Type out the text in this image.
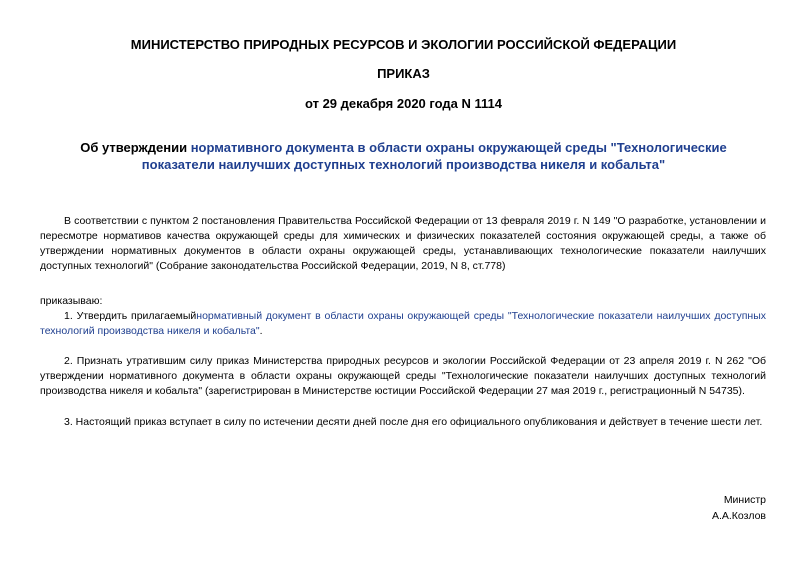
МИНИСТЕРСТВО ПРИРОДНЫХ РЕСУРСОВ И ЭКОЛОГИИ РОССИЙСКОЙ ФЕДЕРАЦИИ

ПРИКАЗ

от 29 декабря 2020 года N 1114

Об утверждении нормативного документа в области охраны окружающей среды "Технологические показатели наилучших доступных технологий производства никеля и кобальта"

В соответствии с пунктом 2 постановления Правительства Российской Федерации от 13 февраля 2019 г. N 149 "О разработке, установлении и пересмотре нормативов качества окружающей среды для химических и физических показателей состояния окружающей среды, а также об утверждении нормативных документов в области охраны окружающей среды, устанавливающих технологические показатели наилучших доступных технологий" (Собрание законодательства Российской Федерации, 2019, N 8, ст.778)

приказываю:

1. Утвердить прилагаемыйнормативный документ в области охраны окружающей среды "Технологические показатели наилучших доступных технологий производства никеля и кобальта".

2. Признать утратившим силу приказ Министерства природных ресурсов и экологии Российской Федерации от 23 апреля 2019 г. N 262 "Об утверждении нормативного документа в области охраны окружающей среды "Технологические показатели наилучших доступных технологий производства никеля и кобальта" (зарегистрирован в Министерстве юстиции Российской Федерации 27 мая 2019 г., регистрационный N 54735).

3. Настоящий приказ вступает в силу по истечении десяти дней после дня его официального опубликования и действует в течение шести лет.

Министр

А.А.Козлов
